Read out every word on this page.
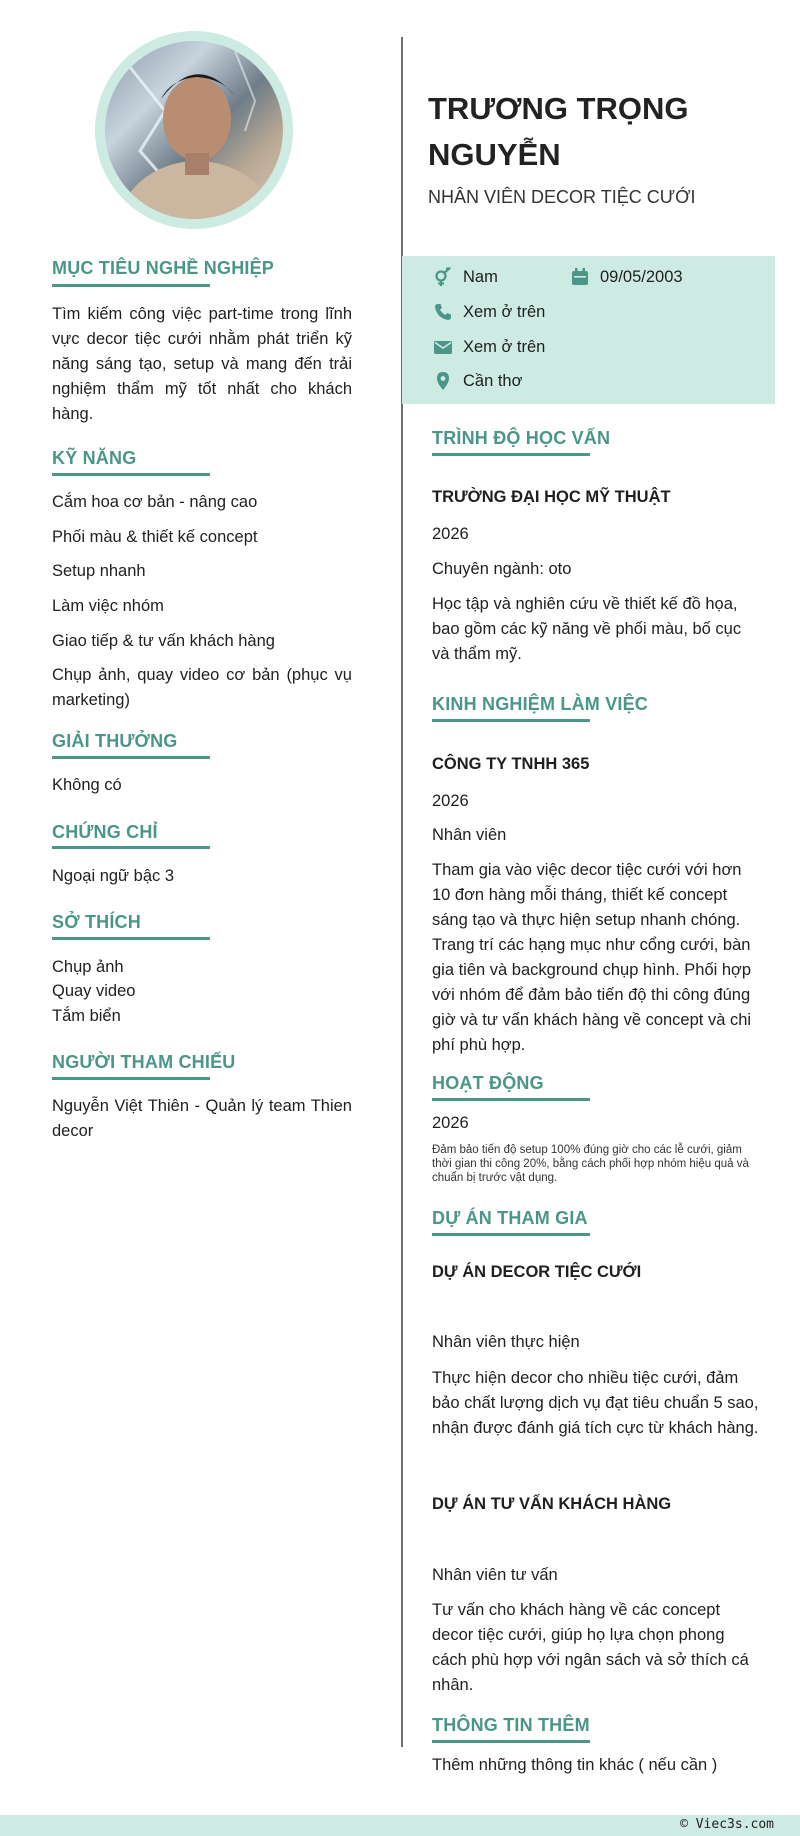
MỤC TIÊU NGHỀ NGHIỆP
Tìm kiếm công việc part-time trong lĩnh vực decor tiệc cưới nhằm phát triển kỹ năng sáng tạo, setup và mang đến trải nghiệm thẩm mỹ tốt nhất cho khách hàng.
KỸ NĂNG
Cắm hoa cơ bản - nâng cao
Phối màu & thiết kế concept
Setup nhanh
Làm việc nhóm
Giao tiếp & tư vấn khách hàng
Chụp ảnh, quay video cơ bản (phục vụ marketing)
GIẢI THƯỞNG
Không có
CHỨNG CHỈ
Ngoại ngữ bậc 3
SỞ THÍCH
Chụp ảnh
Quay video
Tắm biển
NGƯỜI THAM CHIẾU
Nguyễn Việt Thiên - Quản lý team Thien decor
TRƯƠNG TRỌNG NGUYỄN
NHÂN VIÊN DECOR TIỆC CƯỚI
Nam	09/05/2003
Xem ở trên
Xem ở trên
Cần thơ
TRÌNH ĐỘ HỌC VẤN
TRƯỜNG ĐẠI HỌC MỸ THUẬT
2026
Chuyên ngành: oto
Học tập và nghiên cứu về thiết kế đồ họa, bao gồm các kỹ năng về phối màu, bố cục và thẩm mỹ.
KINH NGHIỆM LÀM VIỆC
CÔNG TY TNHH 365
2026
Nhân viên
Tham gia vào việc decor tiệc cưới với hơn 10 đơn hàng mỗi tháng, thiết kế concept sáng tạo và thực hiện setup nhanh chóng. Trang trí các hạng mục như cổng cưới, bàn gia tiên và background chụp hình. Phối hợp với nhóm để đảm bảo tiến độ thi công đúng giờ và tư vấn khách hàng về concept và chi phí phù hợp.
HOẠT ĐỘNG
2026
Đảm bảo tiến độ setup 100% đúng giờ cho các lễ cưới, giảm thời gian thi công 20%, bằng cách phối hợp nhóm hiệu quả và chuẩn bị trước vật dụng.
DỰ ÁN THAM GIA
DỰ ÁN DECOR TIỆC CƯỚI
Nhân viên thực hiện
Thực hiện decor cho nhiều tiệc cưới, đảm bảo chất lượng dịch vụ đạt tiêu chuẩn 5 sao, nhận được đánh giá tích cực từ khách hàng.
DỰ ÁN TƯ VẤN KHÁCH HÀNG
Nhân viên tư vấn
Tư vấn cho khách hàng về các concept decor tiệc cưới, giúp họ lựa chọn phong cách phù hợp với ngân sách và sở thích cá nhân.
THÔNG TIN THÊM
Thêm những thông tin khác ( nếu cần )
© Viec3s.com
